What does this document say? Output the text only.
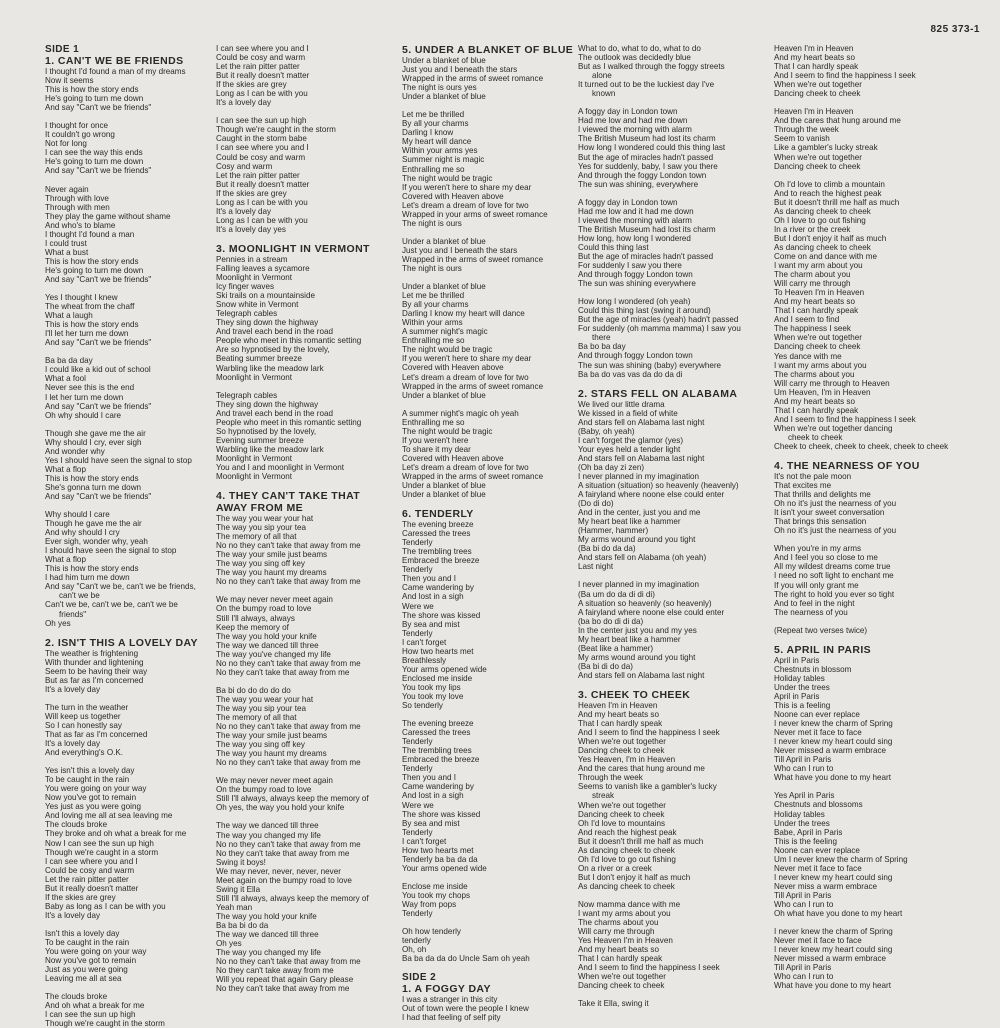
825 373-1

SIDE 1

1. CAN'T WE BE FRIENDS

I thought I'd found a man of my dreams

Now it seems

This is how the story ends

He's going to turn me down

And say "Can't we be friends"

I thought for once

It couldn't go wrong

Not for long

I can see the way this ends

He's going to turn me down

And say "Can't we be friends"

Never again

Through with love

Through with men

They play the game without shame

And who's to blame

I thought I'd found a man

I could trust

What a bust

This is how the story ends

He's going to turn me down

And say "Can't we be friends"

Yes I thought I knew

The wheat from the chaff

What a laugh

This is how the story ends

I'll let her turn me down

And say "Can't we be friends"

Ba ba da day

I could like a kid out of school

What a fool

Never see this is the end

I let her turn me down

And say "Can't we be friends"

Oh why should I care

Though she gave me the air

Why should I cry, ever sigh

And wonder why

Yes I should have seen the signal to stop

What a flop

This is how the story ends

She's gonna turn me down

And say "Can't we be friends"

Why should I care

Though he gave me the air

And why should I cry

Ever sigh, wonder why, yeah

I should have seen the signal to stop

What a flop

This is how the story ends

I had him turn me down

And say "Can't we be, can't we be friends,

can't we be

Can't we be, can't we be, can't we be

friends"

Oh yes

2. ISN'T THIS A LOVELY DAY

The weather is frightening

With thunder and lightening

Seem to be having their way

But as far as I'm concerned

It's a lovely day

The turn in the weather

Will keep us together

So I can honestly say

That as far as I'm concerned

It's a lovely day

And everything's O.K.

Yes isn't this a lovely day

To be caught in the rain

You were going on your way

Now you've got to remain

Yes just as you were going

And loving me all at sea leaving me

The clouds broke

They broke and oh what a break for me

Now I can see the sun up high

Though we're caught in a storm

I can see where you and I

Could be cosy and warm

Let the rain pitter patter

But it really doesn't matter

If the skies are grey

Baby as long as I can be with you

It's a lovely day

Isn't this a lovely day

To be caught in the rain

You were going on your way

Now you've got to remain

Just as you were going

Leaving me all at sea

The clouds broke

And oh what a break for me

I can see the sun up high

Though we're caught in the storm

I can see where you and I

Could be cosy and warm

Let the rain pitter patter

But it really doesn't matter

If the skies are grey

Long as I can be with you

It's a lovely day

I can see the sun up high

Though we're caught in the storm

Caught in the storm babe

I can see where you and I

Could be cosy and warm

Cosy and warm

Let the rain pitter patter

But it really doesn't matter

If the skies are grey

Long as I can be with you

It's a lovely day

Long as I can be with you

It's a lovely day yes

3. MOONLIGHT IN VERMONT

Pennies in a stream

Falling leaves a sycamore

Moonlight in Vermont

Icy finger waves

Ski trails on a mountainside

Snow white in Vermont

Telegraph cables

They sing down the highway

And travel each bend in the road

People who meet in this romantic setting

Are so hypnotised by the lovely,

Beating summer breeze

Warbling like the meadow lark

Moonlight in Vermont

Telegraph cables

They sing down the highway

And travel each bend in the road

People who meet in this romantic setting

So hypnotised by the lovely,

Evening summer breeze

Warbling like the meadow lark

Moonlight in Vermont

You and I and moonlight in Vermont

Moonlight in Vermont

4. THEY CAN'T TAKE THAT

AWAY FROM ME

The way you wear your hat

The way you sip your tea

The memory of all that

No no they can't take that away from me

The way your smile just beams

The way you sing off key

The way you haunt my dreams

No no they can't take that away from me

We may never never meet again

On the bumpy road to love

Still I'll always, always

Keep the memory of

The way you hold your knife

The way we danced till three

The way you've changed my life

No no they can't take that away from me

No they can't take that away from me

Ba bi do do do do do

The way you wear your hat

The way you sip your tea

The memory of all that

No no they can't take that away from me

The way your smile just beams

The way you sing off key

The way you haunt my dreams

No no they can't take that away from me

We may never never meet again

On the bumpy road to love

Still I'll always, always keep the memory of

Oh yes, the way you hold your knife

The way we danced till three

The way you changed my life

No no they can't take that away from me

No they can't take that away from me

Swing it boys!

We may never, never, never, never

Meet again on the bumpy road to love

Swing it Ella

Still I'll always, always keep the memory of

Yeah man

The way you hold your knife

Ba ba bi do da

The way we danced till three

Oh yes

The way you changed my life

No no they can't take that away from me

No they can't take away from me

Will you repeat that again Gary please

No they can't take that away from me

5. UNDER A BLANKET OF BLUE

Under a blanket of blue

Just you and I beneath the stars

Wrapped in the arms of sweet romance

The night is ours yes

Under a blanket of blue

Let me be thrilled

By all your charms

Darling I know

My heart will dance

Within your arms yes

Summer night is magic

Enthralling me so

The night would be tragic

If you weren't here to share my dear

Covered with Heaven above

Let's dream a dream of love for two

Wrapped in your arms of sweet romance

The night is ours

Under a blanket of blue

Just you and I beneath the stars

Wrapped in the arms of sweet romance

The night is ours

Under a blanket of blue

Let me be thrilled

By all your charms

Darling I know my heart will dance

Within your arms

A summer night's magic

Enthralling me so

The night would be tragic

If you weren't here to share my dear

Covered with Heaven above

Let's dream a dream of love for two

Wrapped in the arms of sweet romance

Under a blanket of blue

A summer night's magic oh yeah

Enthralling me so

The night would be tragic

If you weren't here

To share it my dear

Covered with Heaven above

Let's dream a dream of love for two

Wrapped in the arms of sweet romance

Under a blanket of blue

Under a blanket of blue

6. TENDERLY

The evening breeze

Caressed the trees

Tenderly

The trembling trees

Embraced the breeze

Tenderly

Then you and I

Came wandering by

And lost in a sigh

Were we

The shore was kissed

By sea and mist

Tenderly

I can't forget

How two hearts met

Breathlessly

Your arms opened wide

Enclosed me inside

You took my lips

You took my love

So tenderly

The evening breeze

Caressed the trees

Tenderly

The trembling trees

Embraced the breeze

Tenderly

Then you and I

Came wandering by

And lost in a sigh

Were we

The shore was kissed

By sea and mist

Tenderly

I can't forget

How two hearts met

Tenderly ba ba da da

Your arms opened wide

Enclose me inside

You took my chops

Way from pops

Tenderly

Oh how tenderly

tenderly

Oh, oh

Ba ba da da do Uncle Sam oh yeah

SIDE 2

1. A FOGGY DAY

I was a stranger in this city

Out of town were the people I knew

I had that feeling of self pity

What to do, what to do, what to do

The outlook was decidedly blue

But as I walked through the foggy streets

alone

It turned out to be the luckiest day I've

known

A foggy day in London town

Had me low and had me down

I viewed the morning with alarm

The British Museum had lost its charm

How long I wondered could this thing last

But the age of miracles hadn't passed

Yes for suddenly, baby, I saw you there

And through the foggy London town

The sun was shining, everywhere

A foggy day in London town

Had me low and it had me down

I viewed the morning with alarm

The British Museum had lost its charm

How long, how long I wondered

Could this thing last

But the age of miracles hadn't passed

For suddenly I saw you there

And through foggy London town

The sun was shining everywhere

How long I wondered (oh yeah)

Could this thing last (swing it around)

But the age of miracles (yeah) hadn't passed

For suddenly (oh mamma mamma) I saw you

there

Ba bo ba day

And through foggy London town

The sun was shining (baby) everywhere

Ba ba do vas vas da do da di

2. STARS FELL ON ALABAMA

We lived our little drama

We kissed in a field of white

And stars fell on Alabama last night

(Baby, oh yeah)

I can't forget the glamor (yes)

Your eyes held a tender light

And stars fell on Alabama last night

(Oh ba day zi zen)

I never planned in my imagination

A situation (situation) so heavenly (heavenly)

A fairyland where noone else could enter

(Do di do)

And in the center, just you and me

My heart beat like a hammer

(Hammer, hammer)

My arms wound around you tight

(Ba bi do da da)

And stars fell on Alabama (oh yeah)

Last night

I never planned in my imagination

(Ba um do da di di di)

A situation so heavenly (so heavenly)

A fairyland where noone else could enter

(ba bo do di di da)

In the center just you and my yes

My heart beat like a hammer

(Beat like a hammer)

My arms wound around you tight

(Ba bi di do da)

And stars fell on Alabama last night

3. CHEEK TO CHEEK

Heaven I'm in Heaven

And my heart beats so

That I can hardly speak

And I seem to find the happiness I seek

When we're out together

Dancing cheek to cheek

Yes Heaven, I'm in Heaven

And the cares that hung around me

Through the week

Seems to vanish like a gambler's lucky

streak

When we're out together

Dancing cheek to cheek

Oh I'd love to mountains

And reach the highest peak

But it doesn't thrill me half as much

As dancing cheek to cheek

Oh I'd love to go out fishing

On a river or a creek

But I don't enjoy it half as much

As dancing cheek to cheek

Now mamma dance with me

I want my arms about you

The charms about you

Will carry me through

Yes Heaven I'm in Heaven

And my heart beats so

That I can hardly speak

And I seem to find the happiness I seek

When we're out together

Dancing cheek to cheek

Take it Ella, swing it

Heaven I'm in Heaven

And my heart beats so

That I can hardly speak

And I seem to find the happiness I seek

When we're out together

Dancing cheek to cheek

Heaven I'm in Heaven

And the cares that hung around me

Through the week

Seem to vanish

Like a gambler's lucky streak

When we're out together

Dancing cheek to cheek

Oh I'd love to climb a mountain

And to reach the highest peak

But it doesn't thrill me half as much

As dancing cheek to cheek

Oh I love to go out fishing

In a river or the creek

But I don't enjoy it half as much

As dancing cheek to cheek

Come on and dance with me

I want my arm about you

The charm about you

Will carry me through

To Heaven I'm in Heaven

And my heart beats so

That I can hardly speak

And I seem to find

The happiness I seek

When we're out together

Dancing cheek to cheek

Yes dance with me

I want my arms about you

The charms about you

Will carry me through to Heaven

Um Heaven, I'm in Heaven

And my heart beats so

That I can hardly speak

And I seem to find the happiness I seek

When we're out together dancing

cheek to cheek

Cheek to cheek, cheek to cheek, cheek to cheek

4. THE NEARNESS OF YOU

It's not the pale moon

That excites me

That thrills and delights me

Oh no it's just the nearness of you

It isn't your sweet conversation

That brings this sensation

Oh no it's just the nearness of you

When you're in my arms

And I feel you so close to me

All my wildest dreams come true

I need no soft light to enchant me

If you will only grant me

The right to hold you ever so tight

And to feel in the night

The nearness of you

(Repeat two verses twice)

5. APRIL IN PARIS

April in Paris

Chestnuts in blossom

Holiday tables

Under the trees

April in Paris

This is a feeling

Noone can ever replace

I never knew the charm of Spring

Never met it face to face

I never knew my heart could sing

Never missed a warm embrace

Till April in Paris

Who can I run to

What have you done to my heart

Yes April in Paris

Chestnuts and blossoms

Holiday tables

Under the trees

Babe, April in Paris

This is the feeling

Noone can ever replace

Um I never knew the charm of Spring

Never met it face to face

I never knew my heart could sing

Never miss a warm embrace

Till April in Paris

Who can I run to

Oh what have you done to my heart

I never knew the charm of Spring

Never met it face to face

I never knew my heart could sing

Never missed a warm embrace

Till April in Paris

Who can I run to

What have you done to my heart
